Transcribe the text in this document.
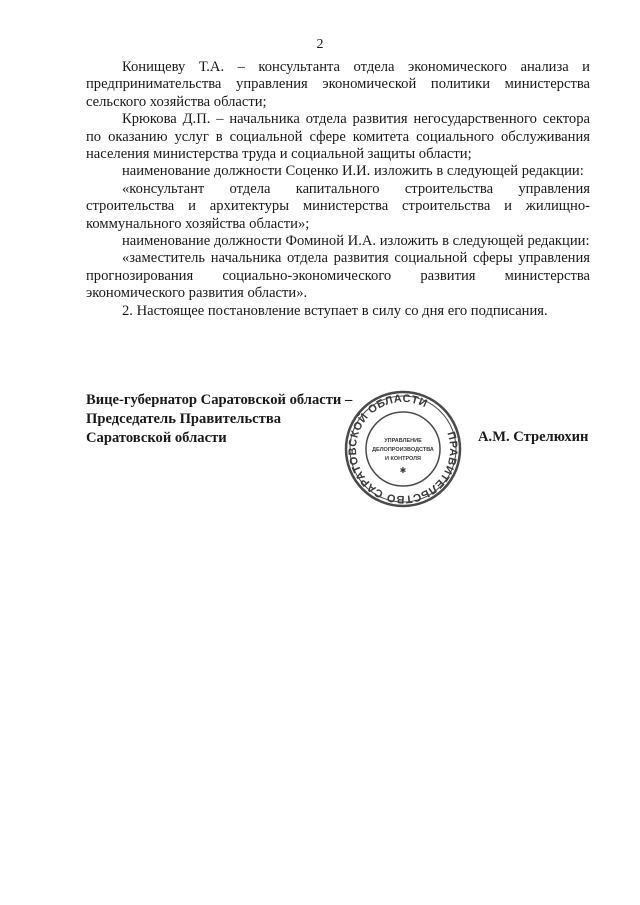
2

Конищеву Т.А. – консультанта отдела экономического анализа и предпринимательства управления экономической политики министерства сельского хозяйства области;

Крюкова Д.П. – начальника отдела развития негосударственного сектора по оказанию услуг в социальной сфере комитета социального обслуживания населения министерства труда и социальной защиты области;

наименование должности Соценко И.И. изложить в следующей редакции:

«консультант отдела капитального строительства управления строительства и архитектуры министерства строительства и жилищно-коммунального хозяйства области»;

наименование должности Фоминой И.А. изложить в следующей редакции:

«заместитель начальника отдела развития социальной сферы управления прогнозирования социально-экономического развития министерства экономического развития области».

2. Настоящее постановление вступает в силу со дня его подписания.

Вице-губернатор Саратовской области –
Председатель Правительства
Саратовской области	А.М. Стрелюхин
ПРАВИТЕЛЬСТВО САРАТОВСКОЙ ОБЛАСТИ
УПРАВЛЕНИЕ
ДЕЛОПРОИЗВОДСТВА
И КОНТРОЛЯ
✱
